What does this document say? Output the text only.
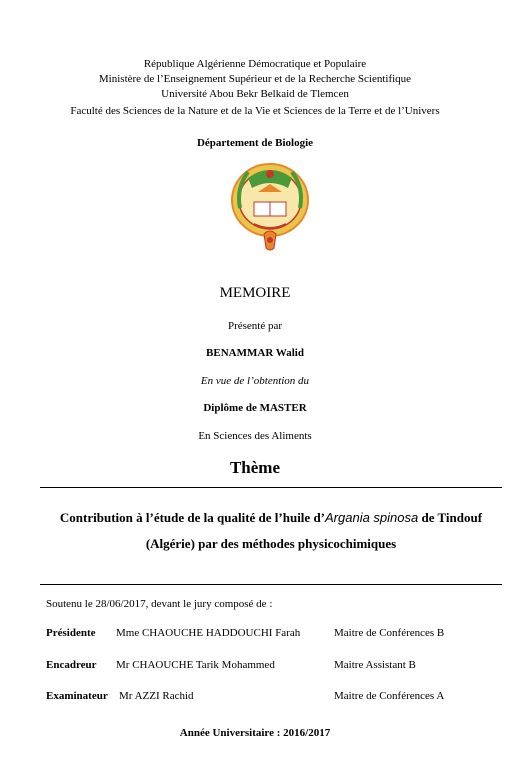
République Algérienne Démocratique et Populaire
Ministère de l’Enseignement Supérieur et de la Recherche Scientifique
Université Abou Bekr Belkaid de Tlemcen
Faculté des Sciences de la Nature et de la Vie et Sciences de la Terre et de l’Univers
Département de Biologie
MEMOIRE
Présenté par
BENAMMAR Walid
En vue de l’obtention du
Diplôme de MASTER
En Sciences des Aliments
Thème
Contribution à l’étude de la qualité de l’huile d’Argania spinosa de Tindouf
(Algérie) par des méthodes physicochimiques
Soutenu le 28/06/2017, devant le jury composé de :
Présidente Mme CHAOUCHE HADDOUCHI Farah	Maitre de Conférences B
Encadreur Mr CHAOUCHE Tarik Mohammed	Maitre Assistant B
Examinateur Mr AZZI Rachid	Maitre de Conférences A
Année Universitaire : 2016/2017
